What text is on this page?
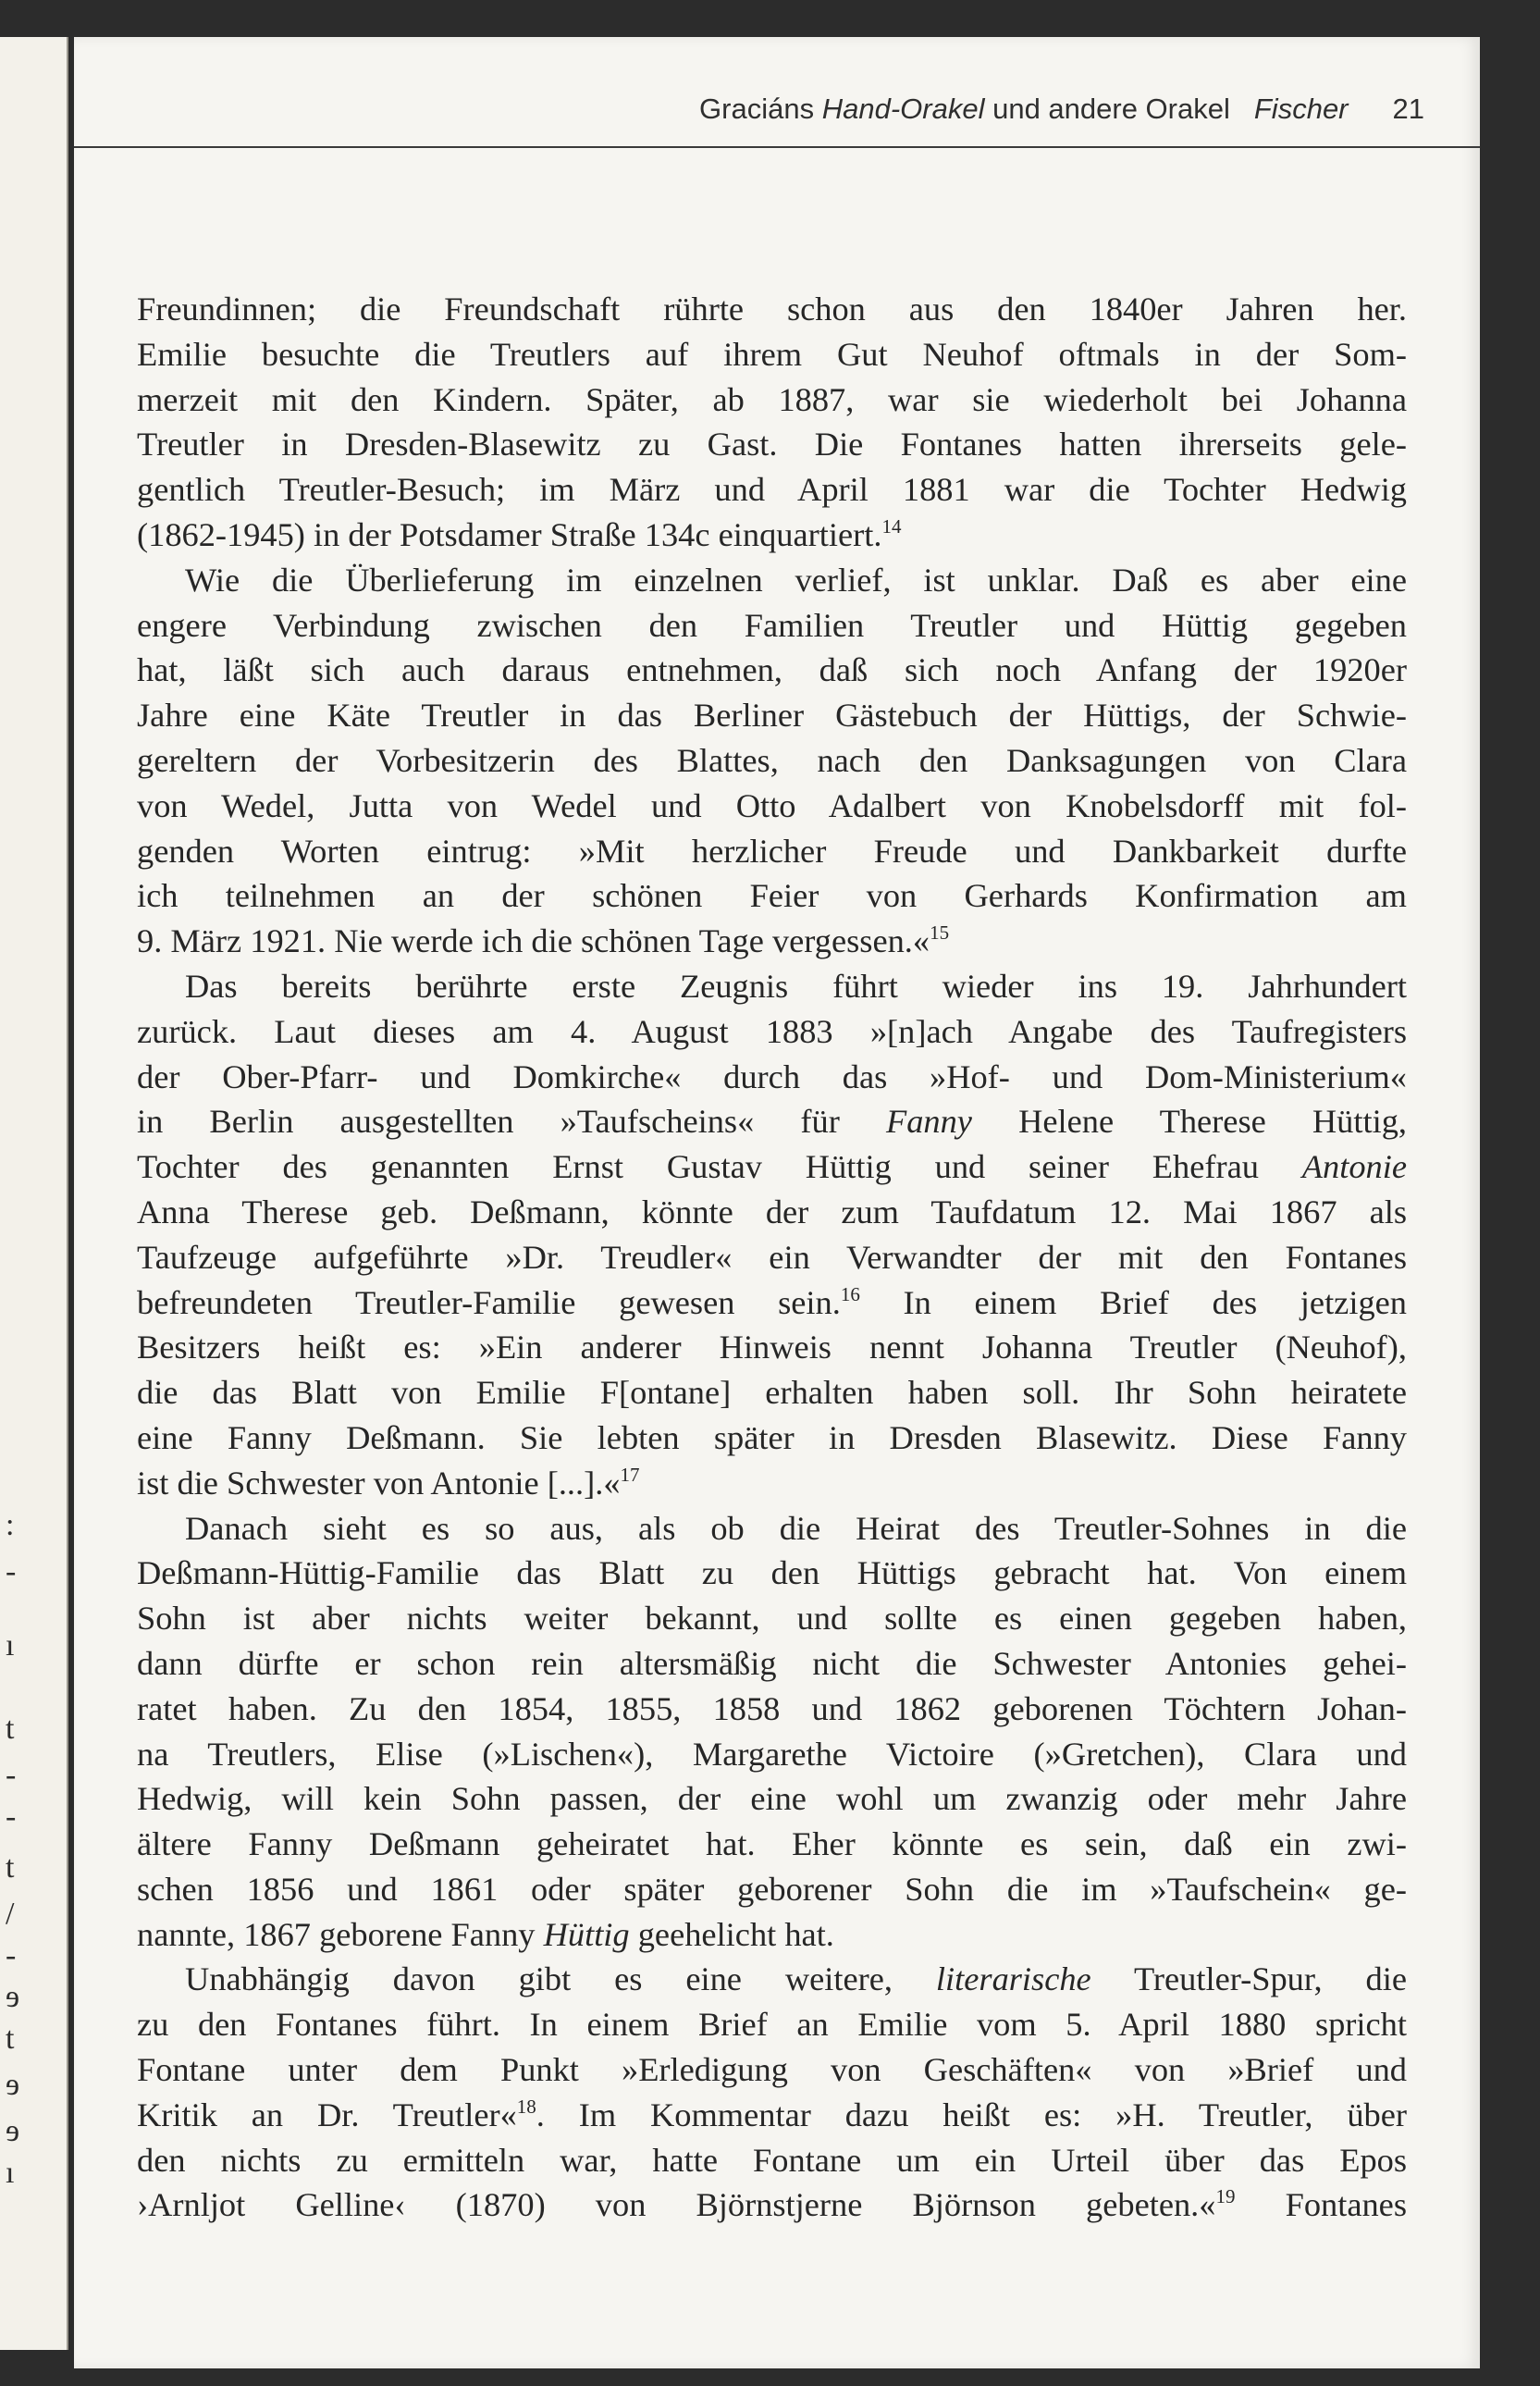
:
-
ı
t
-
-
t
/
-
ɘ
t
ɘ
ɘ
ı
Graciáns Hand-Orakel und andere Orakel Fischer 21
Freundinnen; die Freundschaft rührte schon aus den 1840er Jahren her.
Emilie besuchte die Treutlers auf ihrem Gut Neuhof oftmals in der Som-
merzeit mit den Kindern. Später, ab 1887, war sie wiederholt bei Johanna
Treutler in Dresden-Blasewitz zu Gast. Die Fontanes hatten ihrerseits gele-
gentlich Treutler-Besuch; im März und April 1881 war die Tochter Hedwig
(1862-1945) in der Potsdamer Straße 134c einquartiert.$^{14}$
Wie die Überlieferung im einzelnen verlief, ist unklar. Daß es aber eine
engere Verbindung zwischen den Familien Treutler und Hüttig gegeben
hat, läßt sich auch daraus entnehmen, daß sich noch Anfang der 1920er
Jahre eine Käte Treutler in das Berliner Gästebuch der Hüttigs, der Schwie-
gereltern der Vorbesitzerin des Blattes, nach den Danksagungen von Clara
von Wedel, Jutta von Wedel und Otto Adalbert von Knobelsdorff mit fol-
genden Worten eintrug: »Mit herzlicher Freude und Dankbarkeit durfte
ich teilnehmen an der schönen Feier von Gerhards Konfirmation am
9. März 1921. Nie werde ich die schönen Tage vergessen.«$^{15}$
Das bereits berührte erste Zeugnis führt wieder ins 19. Jahrhundert
zurück. Laut dieses am 4. August 1883 »[n]ach Angabe des Taufregisters
der Ober-Pfarr- und Domkirche« durch das »Hof- und Dom-Ministerium«
in Berlin ausgestellten »Taufscheins« für Fanny Helene Therese Hüttig,
Tochter des genannten Ernst Gustav Hüttig und seiner Ehefrau Antonie
Anna Therese geb. Deßmann, könnte der zum Taufdatum 12. Mai 1867 als
Taufzeuge aufgeführte »Dr. Treudler« ein Verwandter der mit den Fontanes
befreundeten Treutler-Familie gewesen sein.$^{16}$ In einem Brief des jetzigen
Besitzers heißt es: »Ein anderer Hinweis nennt Johanna Treutler (Neuhof),
die das Blatt von Emilie F[ontane] erhalten haben soll. Ihr Sohn heiratete
eine Fanny Deßmann. Sie lebten später in Dresden Blasewitz. Diese Fanny
ist die Schwester von Antonie [...].«$^{17}$
Danach sieht es so aus, als ob die Heirat des Treutler-Sohnes in die
Deßmann-Hüttig-Familie das Blatt zu den Hüttigs gebracht hat. Von einem
Sohn ist aber nichts weiter bekannt, und sollte es einen gegeben haben,
dann dürfte er schon rein altersmäßig nicht die Schwester Antonies gehei-
ratet haben. Zu den 1854, 1855, 1858 und 1862 geborenen Töchtern Johan-
na Treutlers, Elise (»Lischen«), Margarethe Victoire (»Gretchen), Clara und
Hedwig, will kein Sohn passen, der eine wohl um zwanzig oder mehr Jahre
ältere Fanny Deßmann geheiratet hat. Eher könnte es sein, daß ein zwi-
schen 1856 und 1861 oder später geborener Sohn die im »Taufschein« ge-
nannte, 1867 geborene Fanny Hüttig geehelicht hat.
Unabhängig davon gibt es eine weitere, literarische Treutler-Spur, die
zu den Fontanes führt. In einem Brief an Emilie vom 5. April 1880 spricht
Fontane unter dem Punkt »Erledigung von Geschäften« von »Brief und
Kritik an Dr. Treutler«$^{18}$. Im Kommentar dazu heißt es: »H. Treutler, über
den nichts zu ermitteln war, hatte Fontane um ein Urteil über das Epos
›Arnljot Gelline‹ (1870) von Björnstjerne Björnson gebeten.«$^{19}$ Fontanes
